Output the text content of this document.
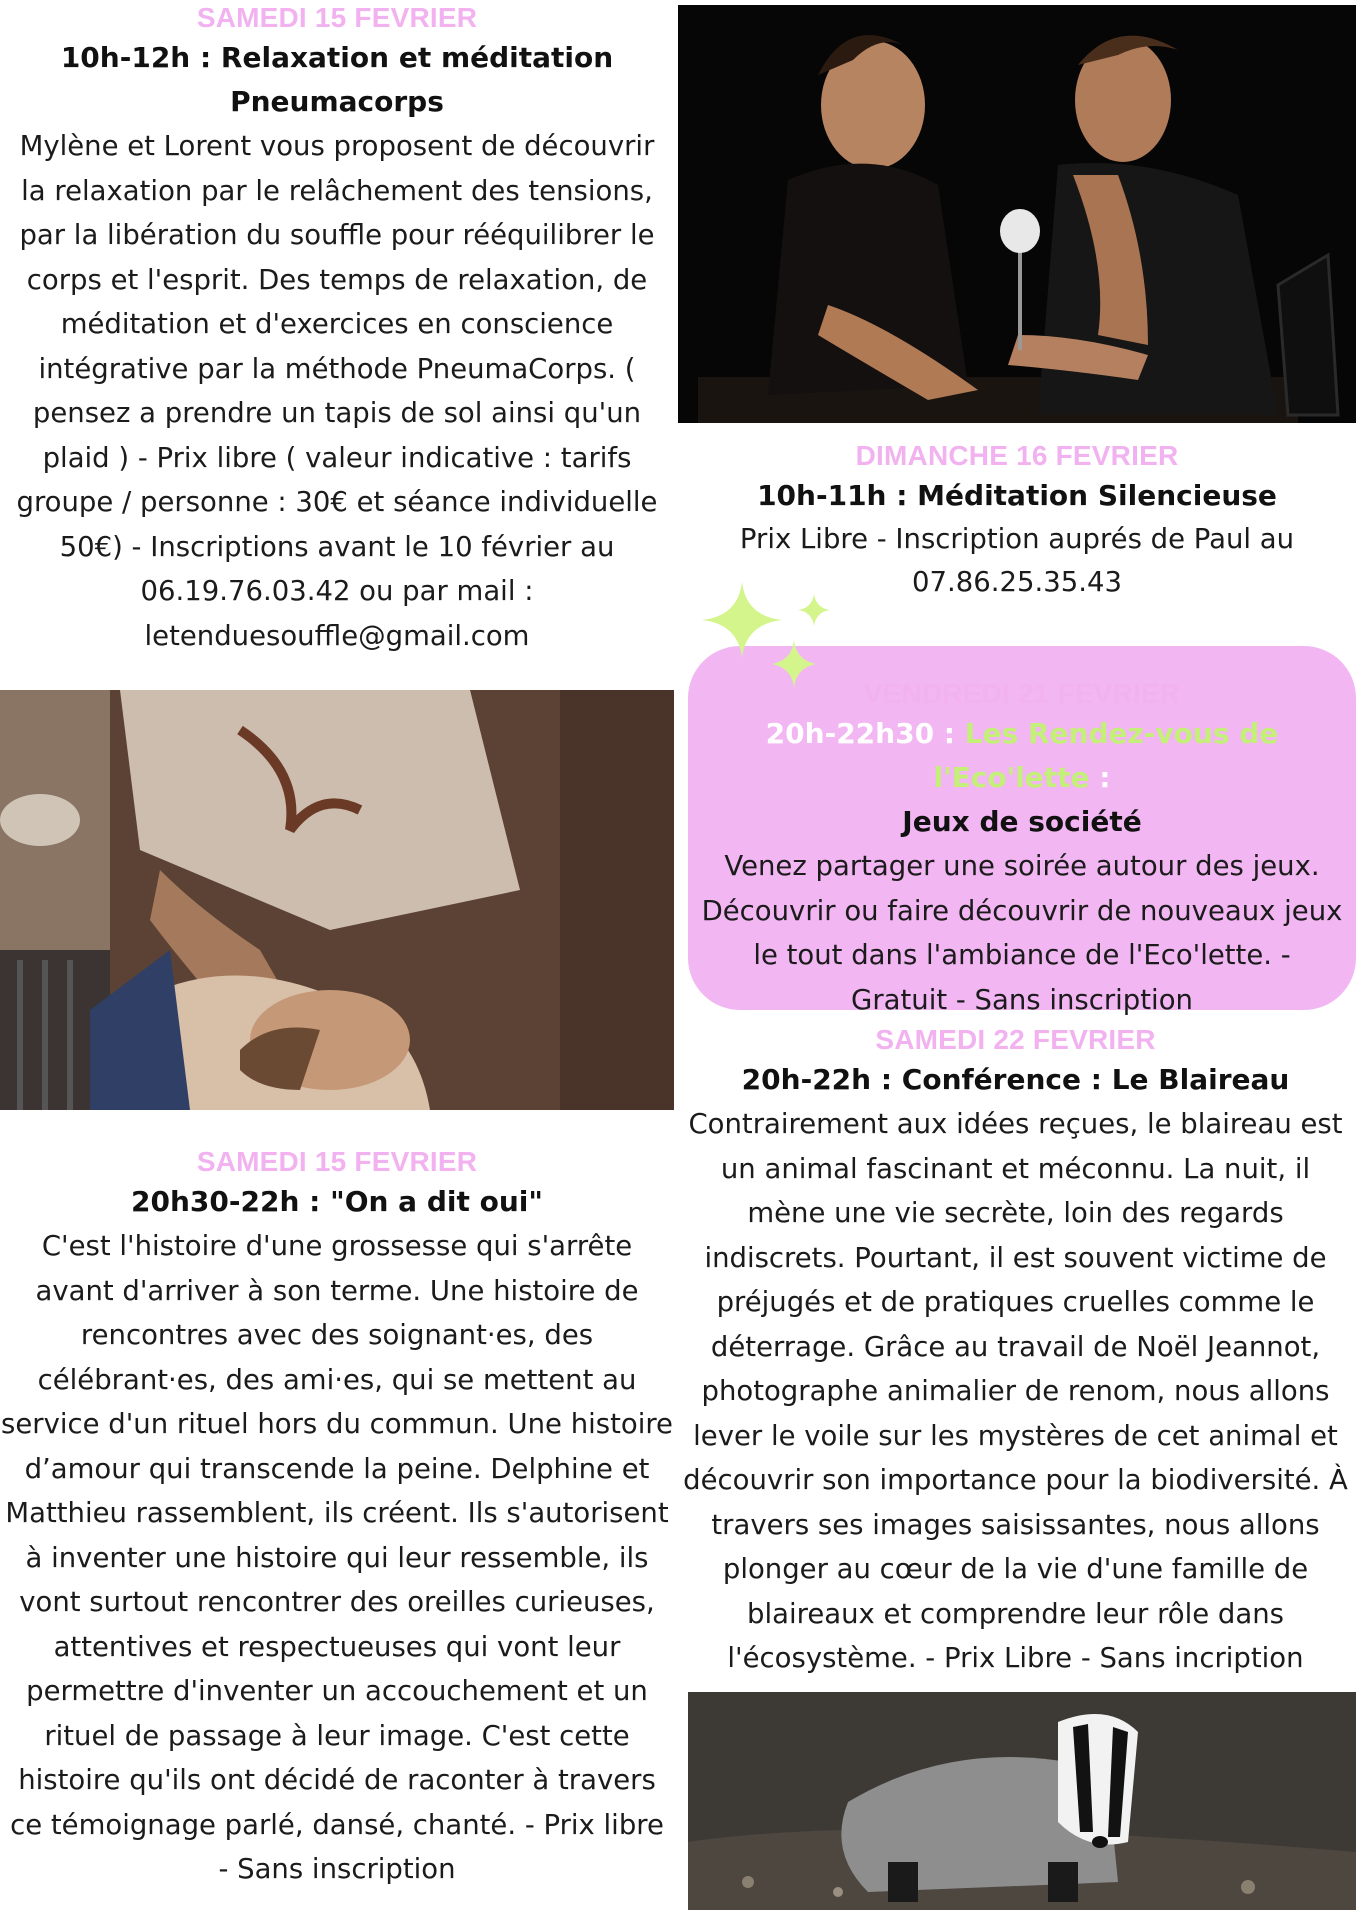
SAMEDI 15 FEVRIER
10h-12h : Relaxation et méditation
Pneumacorps
Mylène et Lorent vous proposent de découvrir
la relaxation par le relâchement des tensions,
par la libération du souffle pour rééquilibrer le
corps et l'esprit. Des temps de relaxation, de
méditation et d'exercices en conscience
intégrative par la méthode PneumaCorps. (
pensez a prendre un tapis de sol ainsi qu'un
plaid ) - Prix libre ( valeur indicative : tarifs
groupe / personne : 30€ et séance individuelle
50€) - Inscriptions avant le 10 février au
06.19.76.03.42 ou par mail :
letenduesouffle@gmail.com
DIMANCHE 16 FEVRIER
10h-11h : Méditation Silencieuse
Prix Libre - Inscription auprés de Paul au
07.86.25.35.43
VENDREDI 21 FEVRIER
20h-22h30 : Les Rendez-vous de l'Eco'lette :
Jeux de société
Venez partager une soirée autour des jeux.
Découvrir ou faire découvrir de nouveaux jeux
le tout dans l'ambiance de l'Eco'lette. -
Gratuit - Sans inscription
SAMEDI 15 FEVRIER
20h30-22h : "On a dit oui"
C'est l'histoire d'une grossesse qui s'arrête
avant d'arriver à son terme. Une histoire de
rencontres avec des soignant·es, des
célébrant·es, des ami·es, qui se mettent au
service d'un rituel hors du commun. Une histoire
d’amour qui transcende la peine. Delphine et
Matthieu rassemblent, ils créent. Ils s'autorisent
à inventer une histoire qui leur ressemble, ils
vont surtout rencontrer des oreilles curieuses,
attentives et respectueuses qui vont leur
permettre d'inventer un accouchement et un
rituel de passage à leur image. C'est cette
histoire qu'ils ont décidé de raconter à travers
ce témoignage parlé, dansé, chanté. - Prix libre
- Sans inscription
SAMEDI 22 FEVRIER
20h-22h : Conférence : Le Blaireau
Contrairement aux idées reçues, le blaireau est
un animal fascinant et méconnu. La nuit, il
mène une vie secrète, loin des regards
indiscrets. Pourtant, il est souvent victime de
préjugés et de pratiques cruelles comme le
déterrage. Grâce au travail de Noël Jeannot,
photographe animalier de renom, nous allons
lever le voile sur les mystères de cet animal et
découvrir son importance pour la biodiversité. À
travers ses images saisissantes, nous allons
plonger au cœur de la vie d'une famille de
blaireaux et comprendre leur rôle dans
l'écosystème. - Prix Libre - Sans incription
